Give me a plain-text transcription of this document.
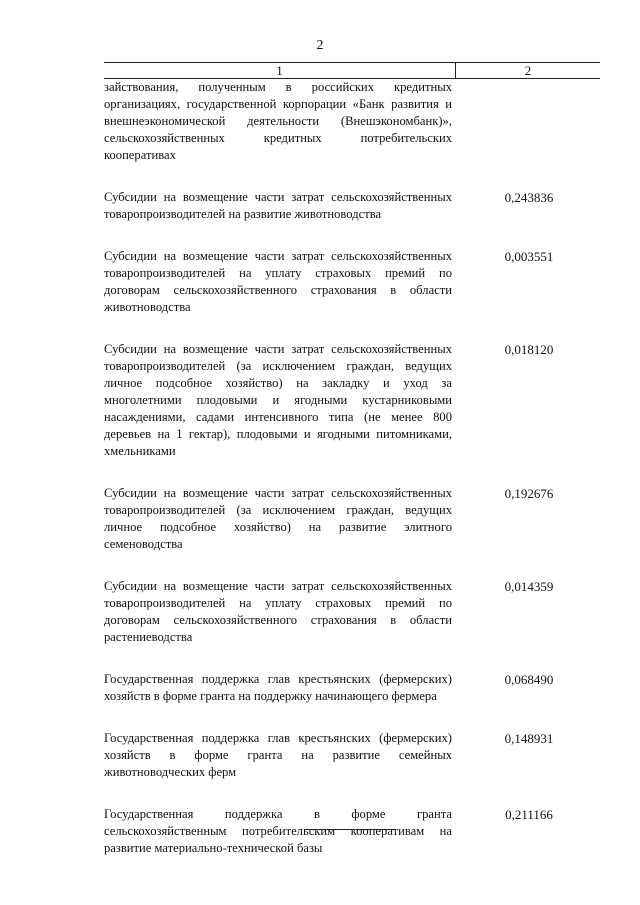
2
1	2
зайствования, полученным в российских кредитных организациях, государственной корпорации «Банк развития и внешнеэкономической деятельности (Внешэкономбанк)», сельскохозяйственных кредитных потребительских кооперативах
Субсидии на возмещение части затрат сельскохозяйственных товаропроизводителей на развитие животноводства
0,243836
Субсидии на возмещение части затрат сельскохозяйственных товаропроизводителей на уплату страховых премий по договорам сельскохозяйственного страхования в области животноводства
0,003551
Субсидии на возмещение части затрат сельскохозяйственных товаропроизводителей (за исключением граждан, ведущих личное подсобное хозяйство) на закладку и уход за многолетними плодовыми и ягодными кустарниковыми насаждениями, садами интенсивного типа (не менее 800 деревьев на 1 гектар), плодовыми и ягодными питомниками, хмельниками
0,018120
Субсидии на возмещение части затрат сельскохозяйственных товаропроизводителей (за исключением граждан, ведущих личное подсобное хозяйство) на развитие элитного семеноводства
0,192676
Субсидии на возмещение части затрат сельскохозяйственных товаропроизводителей на уплату страховых премий по договорам сельскохозяйственного страхования в области растениеводства
0,014359
Государственная поддержка глав крестьянских (фермерских) хозяйств в форме гранта на поддержку начинающего фермера
0,068490
Государственная поддержка глав крестьянских (фермерских) хозяйств в форме гранта на развитие семейных животноводческих ферм
0,148931
Государственная поддержка в форме гранта сельскохозяйственным потребительским кооперативам на развитие материально-технической базы
0,211166
